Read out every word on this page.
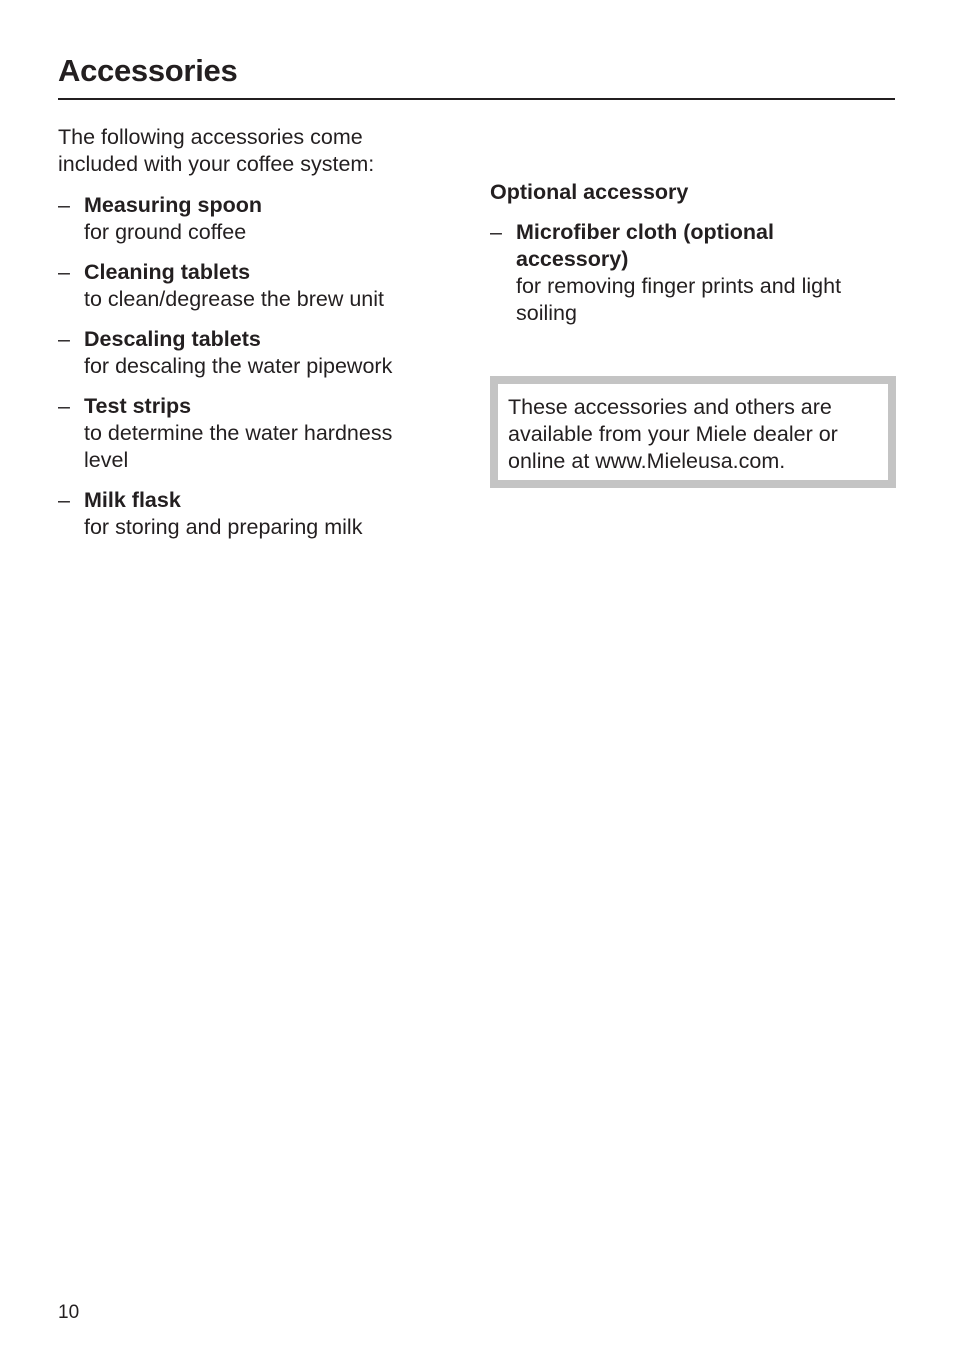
Accessories

The following accessories come included with your coffee system:

– Measuring spoon
for ground coffee
– Cleaning tablets
to clean/degrease the brew unit
– Descaling tablets
for descaling the water pipework
– Test strips
to determine the water hardness level
– Milk flask
for storing and preparing milk
Optional accessory
– Microfiber cloth (optional accessory)
for removing finger prints and light soiling

These accessories and others are available from your Miele dealer or online at www.Mieleusa.com.

10
